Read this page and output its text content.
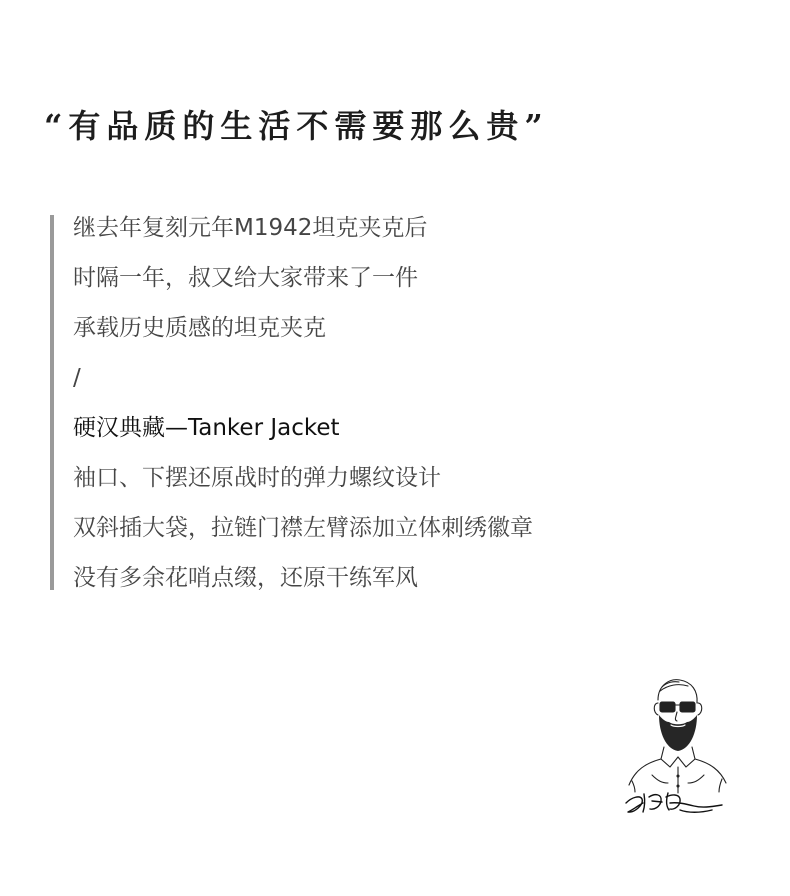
“有品质的生活不需要那么贵”
继去年复刻元年M1942坦克夹克后
时隔一年，叔又给大家带来了一件
承载历史质感的坦克夹克
/
硬汉典藏—Tanker Jacket
袖口、下摆还原战时的弹力螺纹设计
双斜插大袋，拉链门襟左臂添加立体刺绣徽章
没有多余花哨点缀，还原干练军风
